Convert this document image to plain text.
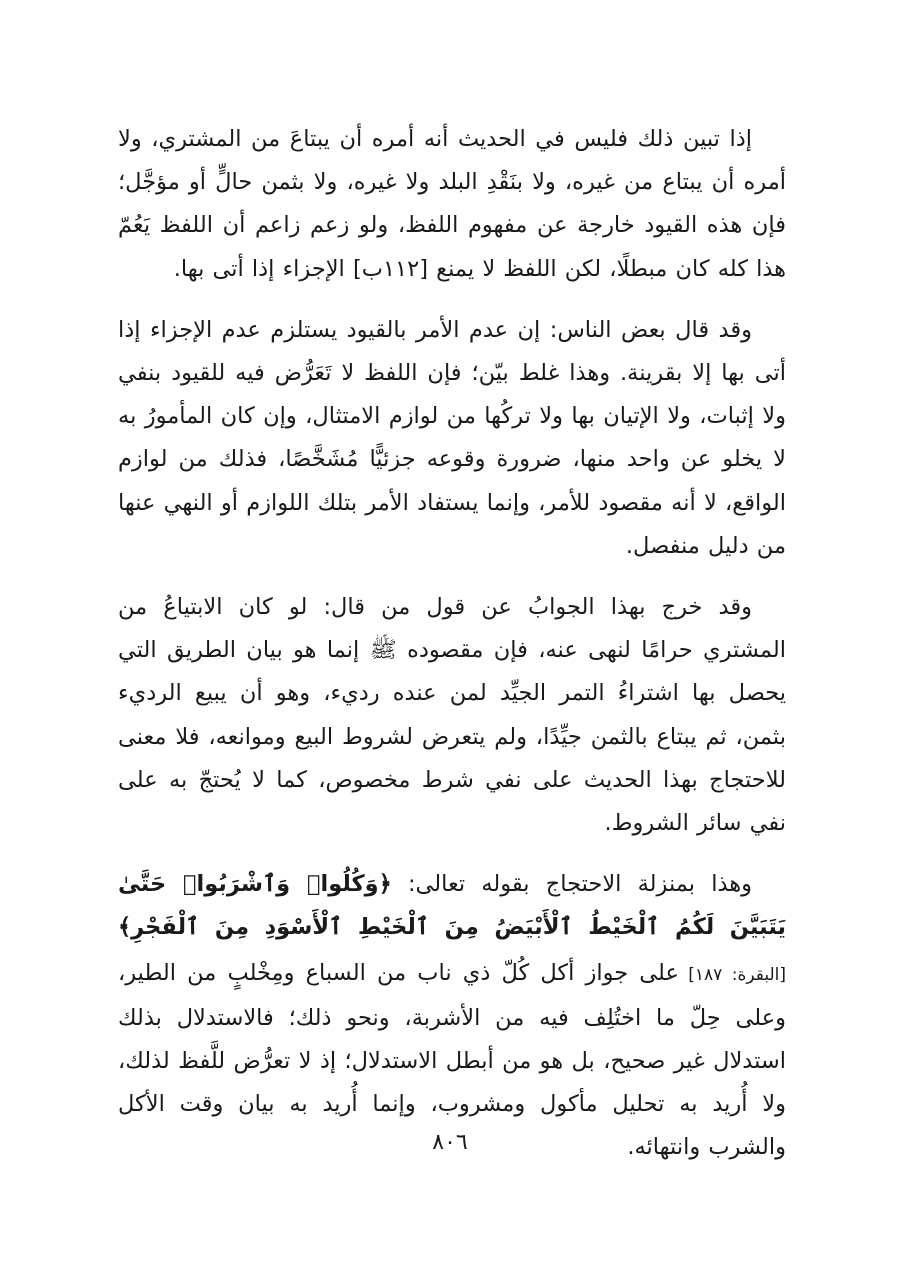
إذا تبين ذلك فليس في الحديث أنه أمره أن يبتاعَ من المشتري، ولا أمره أن يبتاع من غيره، ولا بنَقْدِ البلد ولا غيره، ولا بثمن حالٍّ أو مؤجَّل؛ فإن هذه القيود خارجة عن مفهوم اللفظ، ولو زعم زاعم أن اللفظ يَعُمّ هذا كله كان مبطلًا، لكن اللفظ لا يمنع [١١٢ب] الإجزاء إذا أتى بها.

وقد قال بعض الناس: إن عدم الأمر بالقيود يستلزم عدم الإجزاء إذا أتى بها إلا بقرينة. وهذا غلط بيّن؛ فإن اللفظ لا تَعَرُّض فيه للقيود بنفي ولا إثبات، ولا الإتيان بها ولا تركُها من لوازم الامتثال، وإن كان المأمورُ به لا يخلو عن واحد منها، ضرورة وقوعه جزئيًّا مُشَخَّصًا، فذلك من لوازم الواقع، لا أنه مقصود للأمر، وإنما يستفاد الأمر بتلك اللوازم أو النهي عنها من دليل منفصل.

وقد خرج بهذا الجوابُ عن قول من قال: لو كان الابتياعُ من المشتري حرامًا لنهى عنه، فإن مقصوده ﷺ إنما هو بيان الطريق التي يحصل بها اشتراءُ التمر الجيِّد لمن عنده رديء، وهو أن يبيع الرديء بثمن، ثم يبتاع بالثمن جيِّدًا، ولم يتعرض لشروط البيع وموانعه، فلا معنى للاحتجاج بهذا الحديث على نفي شرط مخصوص، كما لا يُحتجّ به على نفي سائر الشروط.

وهذا بمنزلة الاحتجاج بقوله تعالى: ﴿وَكُلُوا۟ وَٱشْرَبُوا۟ حَتَّىٰ يَتَبَيَّنَ لَكُمُ ٱلْخَيْطُ ٱلْأَبْيَضُ مِنَ ٱلْخَيْطِ ٱلْأَسْوَدِ مِنَ ٱلْفَجْرِ﴾ [البقرة: ١٨٧] على جواز أكل كُلّ ذي ناب من السباع ومِخْلبٍ من الطير، وعلى حِلّ ما اختُلِف فيه من الأشربة، ونحو ذلك؛ فالاستدلال بذلك استدلال غير صحيح، بل هو من أبطل الاستدلال؛ إذ لا تعرُّض للَّفظ لذلك، ولا أُريد به تحليل مأكول ومشروب، وإنما أُريد به بيان وقت الأكل والشرب وانتهائه.

٨٠٦
